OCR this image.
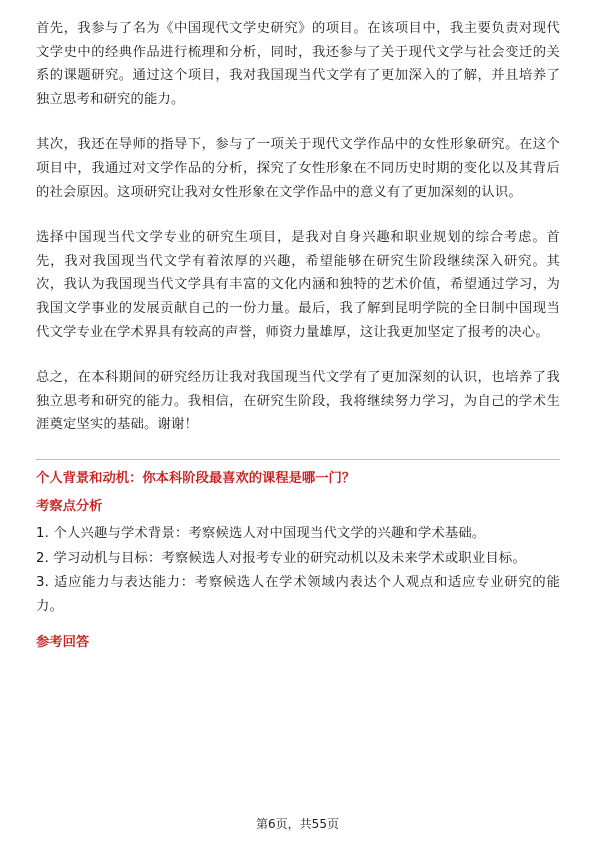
首先，我参与了名为《中国现代文学史研究》的项目。在该项目中，我主要负责对现代文学史中的经典作品进行梳理和分析，同时，我还参与了关于现代文学与社会变迁的关系的课题研究。通过这个项目，我对我国现当代文学有了更加深入的了解，并且培养了独立思考和研究的能力。

其次，我还在导师的指导下，参与了一项关于现代文学作品中的女性形象研究。在这个项目中，我通过对文学作品的分析，探究了女性形象在不同历史时期的变化以及其背后的社会原因。这项研究让我对女性形象在文学作品中的意义有了更加深刻的认识。

选择中国现当代文学专业的研究生项目，是我对自身兴趣和职业规划的综合考虑。首先，我对我国现当代文学有着浓厚的兴趣，希望能够在研究生阶段继续深入研究。其次，我认为我国现当代文学具有丰富的文化内涵和独特的艺术价值，希望通过学习，为我国文学事业的发展贡献自己的一份力量。最后，我了解到昆明学院的全日制中国现当代文学专业在学术界具有较高的声誉，师资力量雄厚，这让我更加坚定了报考的决心。

总之，在本科期间的研究经历让我对我国现当代文学有了更加深刻的认识，也培养了我独立思考和研究的能力。我相信，在研究生阶段，我将继续努力学习，为自己的学术生涯奠定坚实的基础。谢谢！

个人背景和动机：你本科阶段最喜欢的课程是哪一门？
考察点分析
1. 个人兴趣与学术背景：考察候选人对中国现当代文学的兴趣和学术基础。
2. 学习动机与目标：考察候选人对报考专业的研究动机以及未来学术或职业目标。
3. 适应能力与表达能力：考察候选人在学术领域内表达个人观点和适应专业研究的能力。
参考回答
第6页，共55页
